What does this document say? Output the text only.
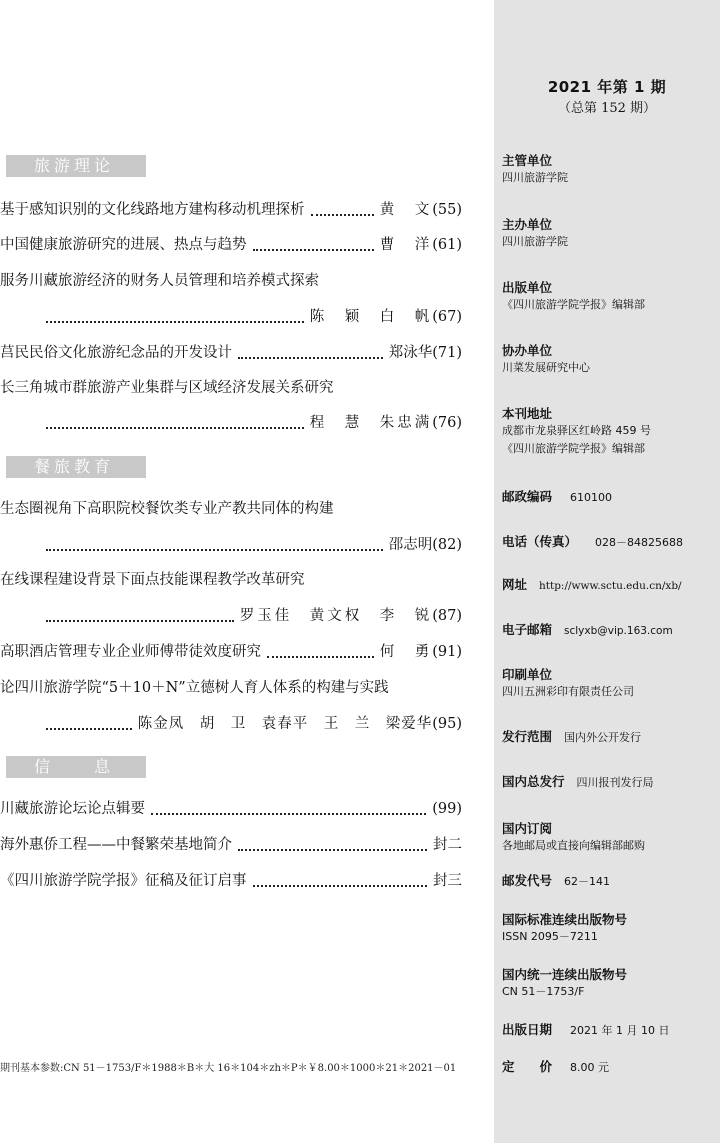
2021 年第 1 期
（总第 152 期）
主管单位
四川旅游学院
主办单位
四川旅游学院
出版单位
《四川旅游学院学报》编辑部
协办单位
川菜发展研究中心
本刊地址
成都市龙泉驿区红岭路 459 号
《四川旅游学院学报》编辑部
邮政编码 610100
电话（传真） 028－84825688
网址 http://www.sctu.edu.cn/xb/
电子邮箱 sclyxb@vip.163.com
印刷单位
四川五洲彩印有限责任公司
发行范围 国内外公开发行
国内总发行 四川报刊发行局
国内订阅
各地邮局或直接向编辑部邮购
邮发代号 62－141
国际标准连续出版物号
ISSN 2095－7211
国内统一连续出版物号
CN 51－1753/F
出版日期 2021 年 1 月 10 日
定　　价 8.00 元
旅游理论
基于感知识别的文化线路地方建构移动机理探析	黄　文 (55)
中国健康旅游研究的进展、热点与趋势	曹　洋 (61)
服务川藏旅游经济的财务人员管理和培养模式探索
陈　颖　白　帆 (67)
莒民民俗文化旅游纪念品的开发设计	郑泳华 (71)
长三角城市群旅游产业集群与区域经济发展关系研究
程　慧　朱忠满 (76)
餐旅教育
生态圈视角下高职院校餐饮类专业产教共同体的构建
邵志明 (82)
在线课程建设背景下面点技能课程教学改革研究
罗玉佳　黄文权　李　锐 (87)
高职酒店管理专业企业师傅带徒效度研究	何　勇 (91)
论四川旅游学院“5＋10＋N”立德树人育人体系的构建与实践
陈金凤　胡　卫　袁春平　王　兰　梁爱华 (95)
信　　息
川藏旅游论坛论点辑要	(99)
海外惠侨工程——中餐繁荣基地简介	封二
《四川旅游学院学报》征稿及征订启事	封三
期刊基本参数:CN 51－1753/F＊1988＊B＊大 16＊104＊zh＊P＊￥8.00＊1000＊21＊2021－01
